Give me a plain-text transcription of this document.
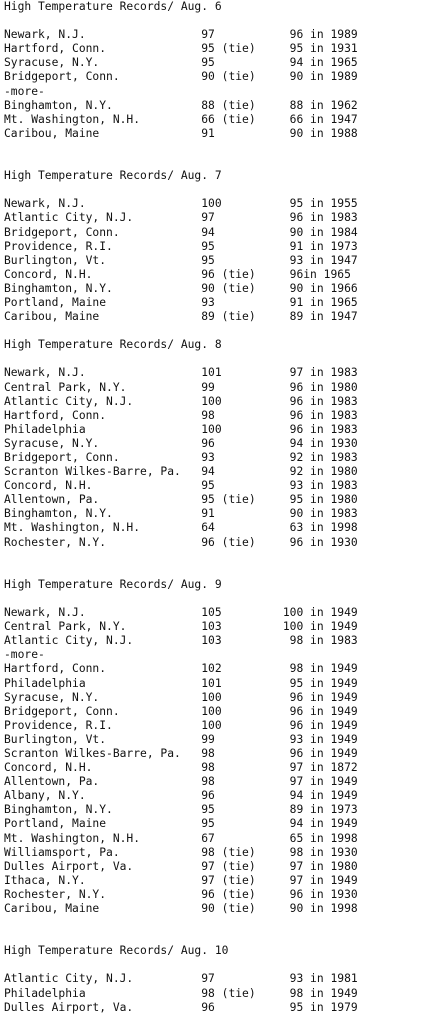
High Temperature Records/ Aug. 6

Newark, N.J.                 97           96 in 1989
Hartford, Conn.              95 (tie)     95 in 1931
Syracuse, N.Y.               95           94 in 1965
Bridgeport, Conn.            90 (tie)     90 in 1989
-more-
Binghamton, N.Y.             88 (tie)     88 in 1962
Mt. Washington, N.H.         66 (tie)     66 in 1947
Caribou, Maine               91           90 in 1988

High Temperature Records/ Aug. 7

Newark, N.J.                 100          95 in 1955
Atlantic City, N.J.          97           96 in 1983
Bridgeport, Conn.            94           90 in 1984
Providence, R.I.             95           91 in 1973
Burlington, Vt.              95           93 in 1947
Concord, N.H.                96 (tie)     96in 1965
Binghamton, N.Y.             90 (tie)     90 in 1966
Portland, Maine              93           91 in 1965
Caribou, Maine               89 (tie)     89 in 1947

High Temperature Records/ Aug. 8

Newark, N.J.                 101          97 in 1983
Central Park, N.Y.           99           96 in 1980
Atlantic City, N.J.          100          96 in 1983
Hartford, Conn.              98           96 in 1983
Philadelphia                 100          96 in 1983
Syracuse, N.Y.               96           94 in 1930
Bridgeport, Conn.            93           92 in 1983
Scranton Wilkes-Barre, Pa.   94           92 in 1980
Concord, N.H.                95           93 in 1983
Allentown, Pa.               95 (tie)     95 in 1980
Binghamton, N.Y.             91           90 in 1983
Mt. Washington, N.H.         64           63 in 1998
Rochester, N.Y.              96 (tie)     96 in 1930

High Temperature Records/ Aug. 9

Newark, N.J.                 105         100 in 1949
Central Park, N.Y.           103         100 in 1949
Atlantic City, N.J.          103          98 in 1983
-more-
Hartford, Conn.              102          98 in 1949
Philadelphia                 101          95 in 1949
Syracuse, N.Y.               100          96 in 1949
Bridgeport, Conn.            100          96 in 1949
Providence, R.I.             100          96 in 1949
Burlington, Vt.              99           93 in 1949
Scranton Wilkes-Barre, Pa.   98           96 in 1949
Concord, N.H.                98           97 in 1872
Allentown, Pa.               98           97 in 1949
Albany, N.Y.                 96           94 in 1949
Binghamton, N.Y.             95           89 in 1973
Portland, Maine              95           94 in 1949
Mt. Washington, N.H.         67           65 in 1998
Williamsport, Pa.            98 (tie)     98 in 1930
Dulles Airport, Va.          97 (tie)     97 in 1980
Ithaca, N.Y.                 97 (tie)     97 in 1949
Rochester, N.Y.              96 (tie)     96 in 1930
Caribou, Maine               90 (tie)     90 in 1998

High Temperature Records/ Aug. 10

Atlantic City, N.J.          97           93 in 1981
Philadelphia                 98 (tie)     98 in 1949
Dulles Airport, Va.          96           95 in 1979
